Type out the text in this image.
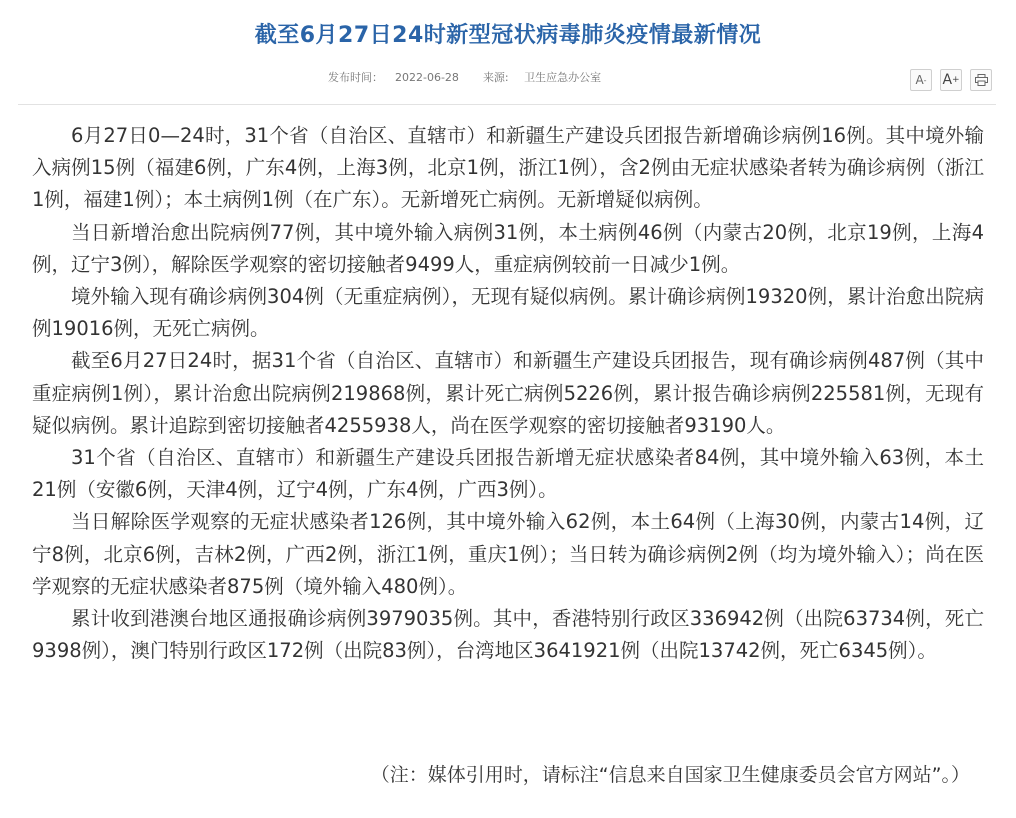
截至6月27日24时新型冠状病毒肺炎疫情最新情况
发布时间： 2022-06-28 来源: 卫生应急办公室	A - A +

6月27日0—24时，31个省（自治区、直辖市）和新疆生产建设兵团报告新增确诊病例16例。其中境外输入病例15例（福建6例，广东4例，上海3例，北京1例，浙江1例），含2例由无症状感染者转为确诊病例（浙江1例，福建1例）；本土病例1例（在广东）。无新增死亡病例。无新增疑似病例。

当日新增治愈出院病例77例，其中境外输入病例31例，本土病例46例（内蒙古20例，北京19例，上海4例，辽宁3例），解除医学观察的密切接触者9499人，重症病例较前一日减少1例。

境外输入现有确诊病例304例（无重症病例），无现有疑似病例。累计确诊病例19320例，累计治愈出院病例19016例，无死亡病例。

截至6月27日24时，据31个省（自治区、直辖市）和新疆生产建设兵团报告，现有确诊病例487例（其中重症病例1例），累计治愈出院病例219868例，累计死亡病例5226例，累计报告确诊病例225581例，无现有疑似病例。累计追踪到密切接触者4255938人，尚在医学观察的密切接触者93190人。

31个省（自治区、直辖市）和新疆生产建设兵团报告新增无症状感染者84例，其中境外输入63例，本土21例（安徽6例，天津4例，辽宁4例，广东4例，广西3例）。

当日解除医学观察的无症状感染者126例，其中境外输入62例，本土64例（上海30例，内蒙古14例，辽宁8例，北京6例，吉林2例，广西2例，浙江1例，重庆1例）；当日转为确诊病例2例（均为境外输入）；尚在医学观察的无症状感染者875例（境外输入480例）。

累计收到港澳台地区通报确诊病例3979035例。其中，香港特别行政区336942例（出院63734例，死亡9398例），澳门特别行政区172例（出院83例），台湾地区3641921例（出院13742例，死亡6345例）。

（注：媒体引用时，请标注“信息来自国家卫生健康委员会官方网站”。）
